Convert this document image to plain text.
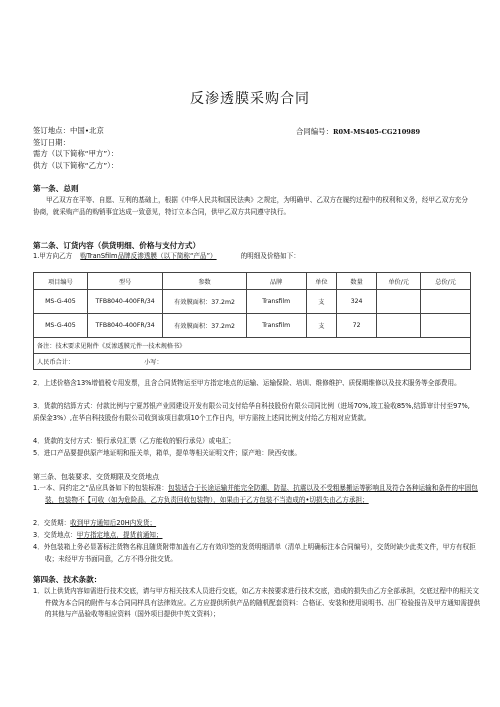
反渗透膜采购合同
签订地点：中国•北京	合同编号：R0M-MS405-CG210989
签订日期：
需方（以下简称“甲方”）：
供方（以下简称“乙方”）：
第一条、总则
甲乙双方在平等、自愿、互利的基础上，根据《中华人民共和国民法典》之规定，为明确甲、乙双方在履约过程中的权利和义务，经甲乙双方充分协商，就采购产品的购销事宜达成一致意见，特订立本合同，供甲乙双方共同遵守执行。
第二条、订货内容（供货明细、价格与支付方式）
1.甲方向乙方 购TranSfilm品牌反渗透膜（以下简称“产品”）	的明细及价格如下：
项目编号	型号	参数	品牌	单位	数量	单价/元	总价/元
MS-G-405	TFB8040-400FR/34	有效膜面积：37.2m2	Transfilm	支	324		
MS-G-405	TFB8040-400FR/34	有效膜面积：37.2m2	Transfilm	支	72		
备注：技术要求见附件《反渗透膜元件一技术规格书》							
人民币合计： 小写：							
2．上述价格含13%增值税专用发票，且含合同货物运至甲方指定地点的运输、运输保险、培训、维修维护、质保期维修以及技术服务等全部费用。
3．货款的结算方式：付款比例与宁夏苏银产业园建设开发有限公司支付给华自科技股份有限公司同比例（进场70%,竣工验收85%,结算审计付至97%,质保金3%）,在华自科技股份有限公司收到该项目款项10个工作日内，甲方需按上述同比例支付给乙方相对应货款。
4．货款的支付方式：银行承兑汇票（乙方能收的银行承兑）或电汇；
5．进口产品要提供原产地证明和报关单，箱单，提单等相关证明文件；原产地：陕西安康。
第三条、包装要求、交货期限及交货地点
1.一本、同约定之“品应具备如下的包装标准：包装适合于长途运输并能完全防潮、防湿、抗震以及不受粗暴搬运等影响且及符合各种运输和条件的牢固包装，包装物不【可收（如为危险品，乙方负责回收包装物），如果由于乙方包装不当造成的•切损失由乙方承担；
2．交货期：收到甲方通知后20H内发货；
3．交货地点：甲方指定地点，提货前通知；
4．外包装箱上务必显著标注货物名称且随货附带加盖有乙方有效印签的发货明细清单（清单上明确标注本合同编号），交货时缺少此类文件，甲方有权拒收；未经甲方书面同意，乙方不得分批交货。
第四条、技术条款：
1．以上供货内容如需进行技术交底，请与甲方相关技术人员进行交底，如乙方未按要求进行技术交底，造成的损失由乙方全部承担，交底过程中的相关文件做为本合同的附件与本合同同样具有法律效应。乙方应提供所供产品的随机配套资料：合格证、安装和使用说明书、出厂检验报告及甲方通知需提供的其他与产品验收等相应资料（国外项目提供中英文资料）；
